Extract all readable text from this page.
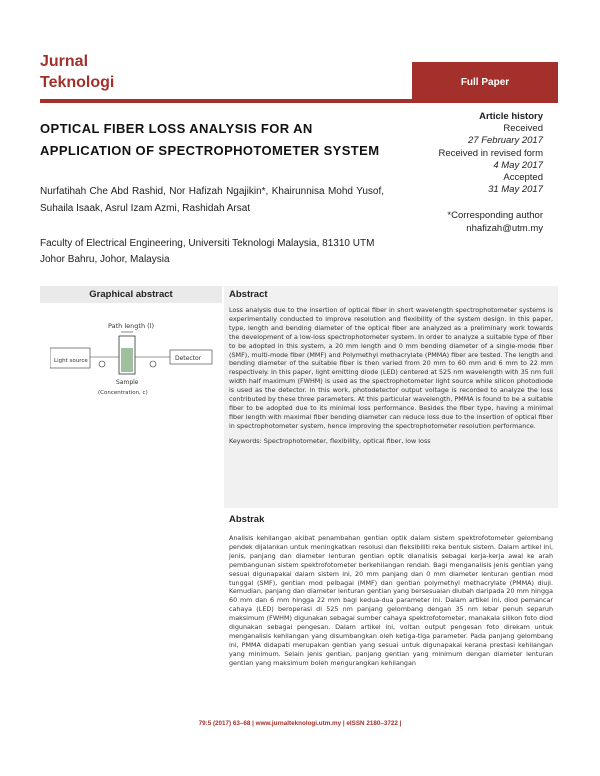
Jurnal
Teknologi	Full Paper
OPTICAL FIBER LOSS ANALYSIS FOR AN APPLICATION OF SPECTROPHOTOMETER SYSTEM
Nurfatihah Che Abd Rashid, Nor Hafizah Ngajikin*, Khairunnisa Mohd Yusof, Suhaila Isaak, Asrul Izam Azmi, Rashidah Arsat
Faculty of Electrical Engineering, Universiti Teknologi Malaysia, 81310 UTM Johor Bahru, Johor, Malaysia
Article history
Received
27 February 2017
Received in revised form
4 May 2017
Accepted
31 May 2017
*Corresponding author
nhafizah@utm.my
Graphical abstract
Path length (l)
Light source	Detector
Sample
(Concentration, c)
Abstract
Loss analysis due to the insertion of optical fiber in short wavelength spectrophotometer systems is experimentally conducted to improve resolution and flexibility of the system design. In this paper, type, length and bending diameter of the optical fiber are analyzed as a preliminary work towards the development of a low-loss spectrophotometer system. In order to analyze a suitable type of fiber to be adopted in this system, a 20 mm length and 0 mm bending diameter of a single-mode fiber (SMF), multi-mode fiber (MMF) and Polymethyl methacrylate (PMMA) fiber are tested. The length and bending diameter of the suitable fiber is then varied from 20 mm to 60 mm and 6 mm to 22 mm respectively. In this paper, light emitting diode (LED) centered at 525 nm wavelength with 35 nm full width half maximum (FWHM) is used as the spectrophotometer light source while silicon photodiode is used as the detector. In this work, photodetector output voltage is recorded to analyze the loss contributed by these three parameters. At this particular wavelength, PMMA is found to be a suitable fiber to be adopted due to its minimal loss performance. Besides the fiber type, having a minimal fiber length with maximal fiber bending diameter can reduce loss due to the insertion of optical fiber in spectrophotometer system, hence improving the spectrophotometer resolution performance.
Keywords: Spectrophotometer, flexibility, optical fiber, low loss
Abstrak
Analisis kehilangan akibat penambahan gentian optik dalam sistem spektrofotometer gelombang pendek dijalankan untuk meningkatkan resolusi dan fleksibiliti reka bentuk sistem. Dalam artikel ini, jenis, panjang dan diameter lenturan gentian optik dianalisis sebagai kerja-kerja awal ke arah pembangunan sistem spektrofotometer berkehilangan rendah. Bagi menganalisis jenis gentian yang sesuai digunapakai dalam sistem ini, 20 mm panjang dan 0 mm diameter lenturan gentian mod tunggal (SMF), gentian mod pelbagai (MMF) dan gentian polymethyl methacrylate (PMMA) diuji. Kemudian, panjang dan diameter lenturan gentian yang bersesuaian diubah daripada 20 mm hingga 60 mm dan 6 mm hingga 22 mm bagi kedua-dua parameter ini. Dalam artikel ini, diod pemancar cahaya (LED) beroperasi di 525 nm panjang gelombang dengan 35 nm lebar penuh separuh maksimum (FWHM) digunakan sebagai sumber cahaya spektrofotometer, manakala silikon foto diod digunakan sebagai pengesan. Dalam artikel ini, voltan output pengesan foto direkam untuk menganalisis kehilangan yang disumbangkan oleh ketiga-tiga parameter. Pada panjang gelombang ini, PMMA didapati merupakan gentian yang sesuai untuk digunapakai kerana prestasi kehilangan yang minimum. Selain jenis gentian, panjang gentian yang minimum dengan diameter lenturan gentian yang maksimum boleh mengurangkan kehilangan
79:5 (2017) 63–68 | www.jurnalteknologi.utm.my | eISSN 2180–3722 |
